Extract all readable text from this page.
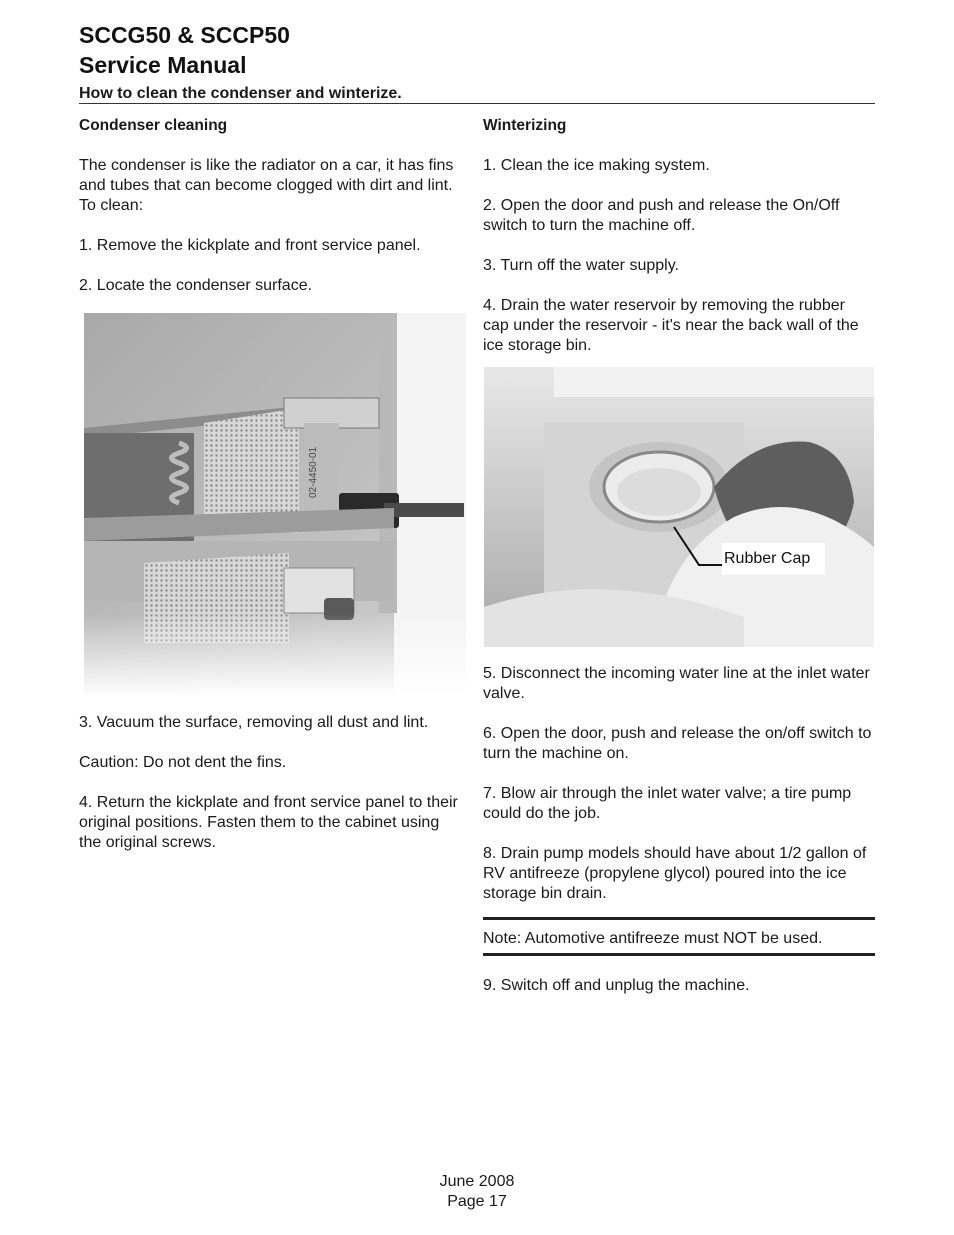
SCCG50 & SCCP50
Service Manual
How to clean the condenser and winterize.

Condenser cleaning

The condenser is like the radiator on a car, it has fins and tubes that can become clogged with dirt and lint. To clean:

1. Remove the kickplate and front service panel.

2. Locate the condenser surface.

02-4450-01

3. Vacuum the surface, removing all dust and lint.

Caution: Do not dent the fins.

4. Return the kickplate and front service panel to their original positions. Fasten them to the cabinet using the original screws.

Winterizing

1. Clean the ice making system.

2. Open the door and push and release the On/Off switch to turn the machine off.

3. Turn off the water supply.

4. Drain the water reservoir by removing the rubber cap under the reservoir - it's near the back wall of the ice storage bin.

Rubber Cap

5. Disconnect the incoming water line at the inlet water valve.

6. Open the door, push and release the on/off switch to turn the machine on.

7. Blow air through the inlet water valve; a tire pump could do the job.

8. Drain pump models should have about 1/2 gallon of RV antifreeze (propylene glycol) poured into the ice storage bin drain.

Note: Automotive antifreeze must NOT be used.
9. Switch off and unplug the machine.
June 2008
Page 17
